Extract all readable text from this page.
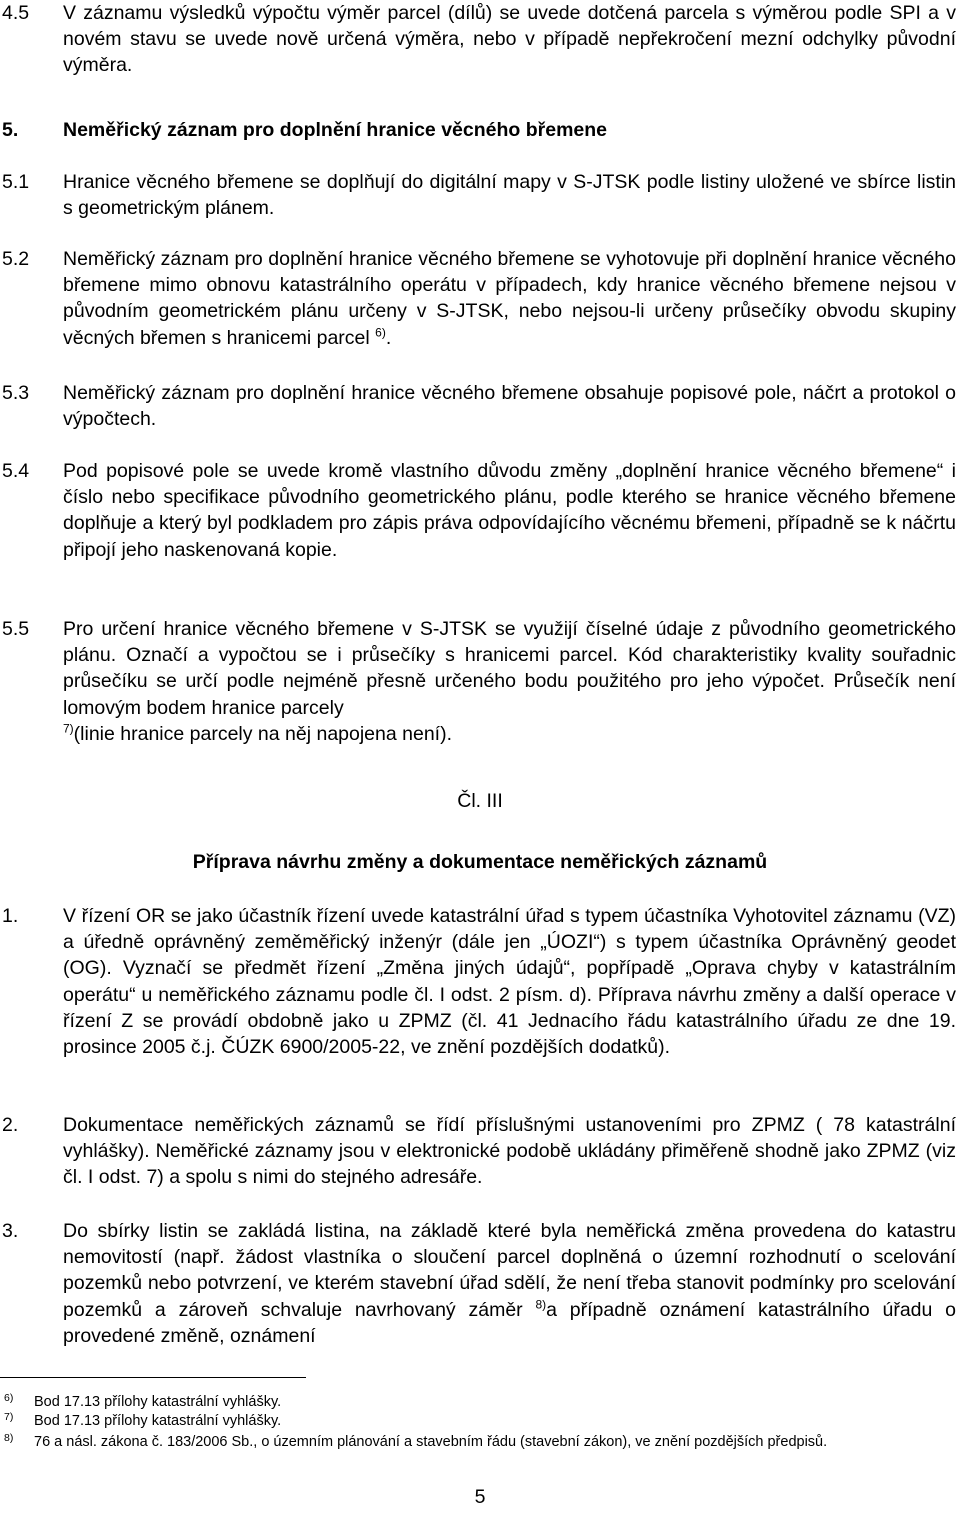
4.5 V záznamu výsledků výpočtu výměr parcel (dílů) se uvede dotčená parcela s výměrou podle SPI a v novém stavu se uvede nově určená výměra, nebo v případě nepřekročení mezní odchylky původní výměra.
5. Neměřický záznam pro doplnění hranice věcného břemene
5.1 Hranice věcného břemene se doplňují do digitální mapy v S-JTSK podle listiny uložené ve sbírce listin s geometrickým plánem.
5.2 Neměřický záznam pro doplnění hranice věcného břemene se vyhotovuje při doplnění hranice věcného břemene mimo obnovu katastrálního operátu v případech, kdy hranice věcného břemene nejsou v původním geometrickém plánu určeny v S-JTSK, nebo nejsou-li určeny průsečíky obvodu skupiny věcných břemen s hranicemi parcel $^{6)}$.
5.3 Neměřický záznam pro doplnění hranice věcného břemene obsahuje popisové pole, náčrt a protokol o výpočtech.
5.4 Pod popisové pole se uvede kromě vlastního důvodu změny „doplnění hranice věcného břemene“ i číslo nebo specifikace původního geometrického plánu, podle kterého se hranice věcného břemene doplňuje a který byl podkladem pro zápis práva odpovídajícího věcnému břemeni, případně se k náčrtu připojí jeho naskenovaná kopie.
5.5 Pro určení hranice věcného břemene v S-JTSK se využijí číselné údaje z původního geometrického plánu. Označí a vypočtou se i průsečíky s hranicemi parcel. Kód charakteristiky kvality souřadnic průsečíku se určí podle nejméně přesně určeného bodu použitého pro jeho výpočet. Průsečík není lomovým bodem hranice parcely
$^{7)}$(linie hranice parcely na něj napojena není).
Čl. III
Příprava návrhu změny a dokumentace neměřických záznamů
1. V řízení OR se jako účastník řízení uvede katastrální úřad s typem účastníka Vyhotovitel záznamu (VZ) a úředně oprávněný zeměměřický inženýr (dále jen „ÚOZI“) s typem účastníka Oprávněný geodet (OG). Vyznačí se předmět řízení „Změna jiných údajů“, popřípadě „Oprava chyby v katastrálním operátu“ u neměřického záznamu podle čl. I odst. 2 písm. d). Příprava návrhu změny a další operace v řízení Z se provádí obdobně jako u ZPMZ (čl. 41 Jednacího řádu katastrálního úřadu ze dne 19. prosince 2005 č.j. ČÚZK 6900/2005-22, ve znění pozdějších dodatků).
2. Dokumentace neměřických záznamů se řídí příslušnými ustanoveními pro ZPMZ ( 78 katastrální vyhlášky). Neměřické záznamy jsou v elektronické podobě ukládány přiměřeně shodně jako ZPMZ (viz čl. I odst. 7) a spolu s nimi do stejného adresáře.
3. Do sbírky listin se zakládá listina, na základě které byla neměřická změna provedena do katastru nemovitostí (např. žádost vlastníka o sloučení parcel doplněná o územní rozhodnutí o scelování pozemků nebo potvrzení, ve kterém stavební úřad sdělí, že není třeba stanovit podmínky pro scelování pozemků a zároveň schvaluje navrhovaný záměr $^{8)}$a případně oznámení katastrálního úřadu o provedené změně, oznámení
6) Bod 17.13 přílohy katastrální vyhlášky.
7) Bod 17.13 přílohy katastrální vyhlášky.
8) 76 a násl. zákona č. 183/2006 Sb., o územním plánování a stavebním řádu (stavební zákon), ve znění pozdějších předpisů.
5
